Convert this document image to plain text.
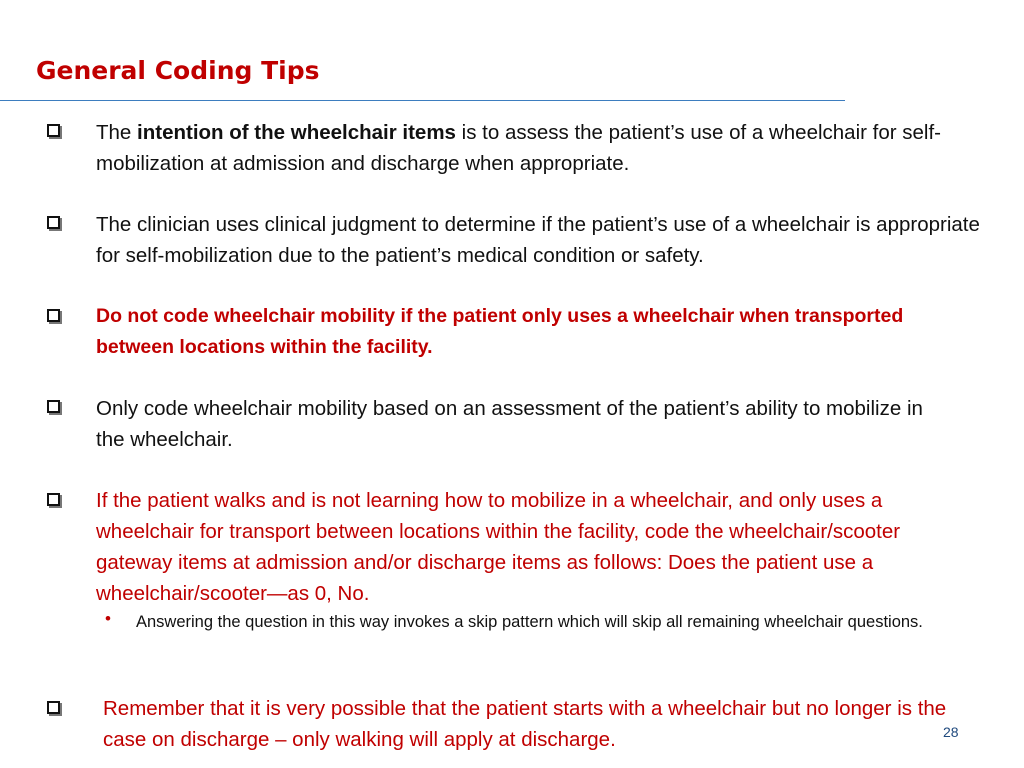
General Coding Tips
The intention of the wheelchair items is to assess the patient’s use of a wheelchair for self-mobilization at admission and discharge when appropriate.
The clinician uses clinical judgment to determine if the patient’s use of a wheelchair is appropriate for self-mobilization due to the patient’s medical condition or safety.
Do not code wheelchair mobility if the patient only uses a wheelchair when transported between locations within the facility.
Only code wheelchair mobility based on an assessment of the patient’s ability to mobilize in the wheelchair.
If the patient walks and is not learning how to mobilize in a wheelchair, and only uses a wheelchair for transport between locations within the facility, code the wheelchair/scooter gateway items at admission and/or discharge items as follows: Does the patient use a wheelchair/scooter—as 0, No.
• Answering the question in this way invokes a skip pattern which will skip all remaining wheelchair questions.
Remember that it is very possible that the patient starts with a wheelchair but no longer is the case on discharge – only walking will apply at discharge.	28
